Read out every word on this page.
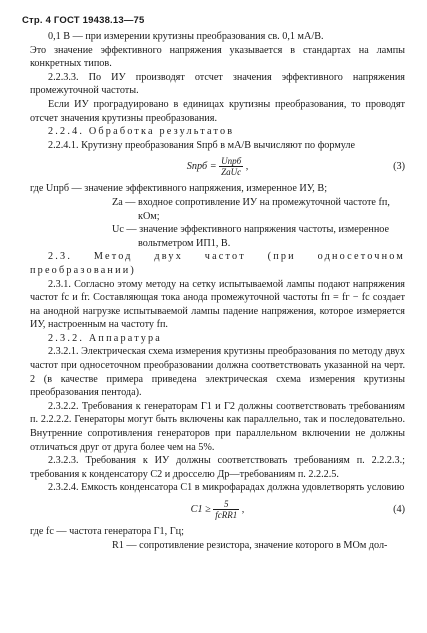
Стр. 4 ГОСТ 19438.13—75

0,1 В — при измерении крутизны преобразования св. 0,1 мА/В.

Это значение эффективного напряжения указывается в стандартах на лампы конкретных типов.

2.2.3.3. По ИУ производят отсчет значения эффективного напряжения промежуточной частоты.

Если ИУ проградуировано в единицах крутизны преобразования, то проводят отсчет значения крутизны преобразования.

2.2.4. Обработка результатов

2.2.4.1. Крутизну преобразования Sпрб в мА/В вычисляют по формуле

Sпрб = $\frac{\text{Uпрб}}{\text{ZаUс}}$ ,	(3)

где Uпрб — значение эффективного напряжения, измеренное ИУ, В;

Zа — входное сопротивление ИУ на промежуточной частоте fп, кОм;

Uс — значение эффективного напряжения частоты, измеренное вольтметром ИП1, В.

2.3. Метод двух частот (при односеточном преобразовании)

2.3.1. Согласно этому методу на сетку испытываемой лампы подают напряжения частот fс и fг. Составляющая тока анода промежуточной частоты fп = fг − fс создает на анодной нагрузке испытываемой лампы падение напряжения, которое измеряется ИУ, настроенным на частоту fп.

2.3.2. Аппаратура

2.3.2.1. Электрическая схема измерения крутизны преобразования по методу двух частот при односеточном преобразовании должна соответствовать указанной на черт. 2 (в качестве примера приведена электрическая схема измерения крутизны преобразования пентода).

2.3.2.2. Требования к генераторам Г1 и Г2 должны соответствовать требованиям п. 2.2.2.2. Генераторы могут быть включены как параллельно, так и последовательно. Внутренние сопротивления генераторов при параллельном включении не должны отличаться друг от друга более чем на 5%.

2.3.2.3. Требования к ИУ должны соответствовать требованиям п. 2.2.2.3.; требования к конденсатору С2 и дросселю Др—требованиям п. 2.2.2.5.

2.3.2.4. Емкость конденсатора С1 в микрофарадах должна удовлетворять условию

$С1 \ge \frac{5}{\text{fсRR1}}$ ,	(4)

где fс — частота генератора Г1, Гц;

R1 — сопротивление резистора, значение которого в МОм дол-
